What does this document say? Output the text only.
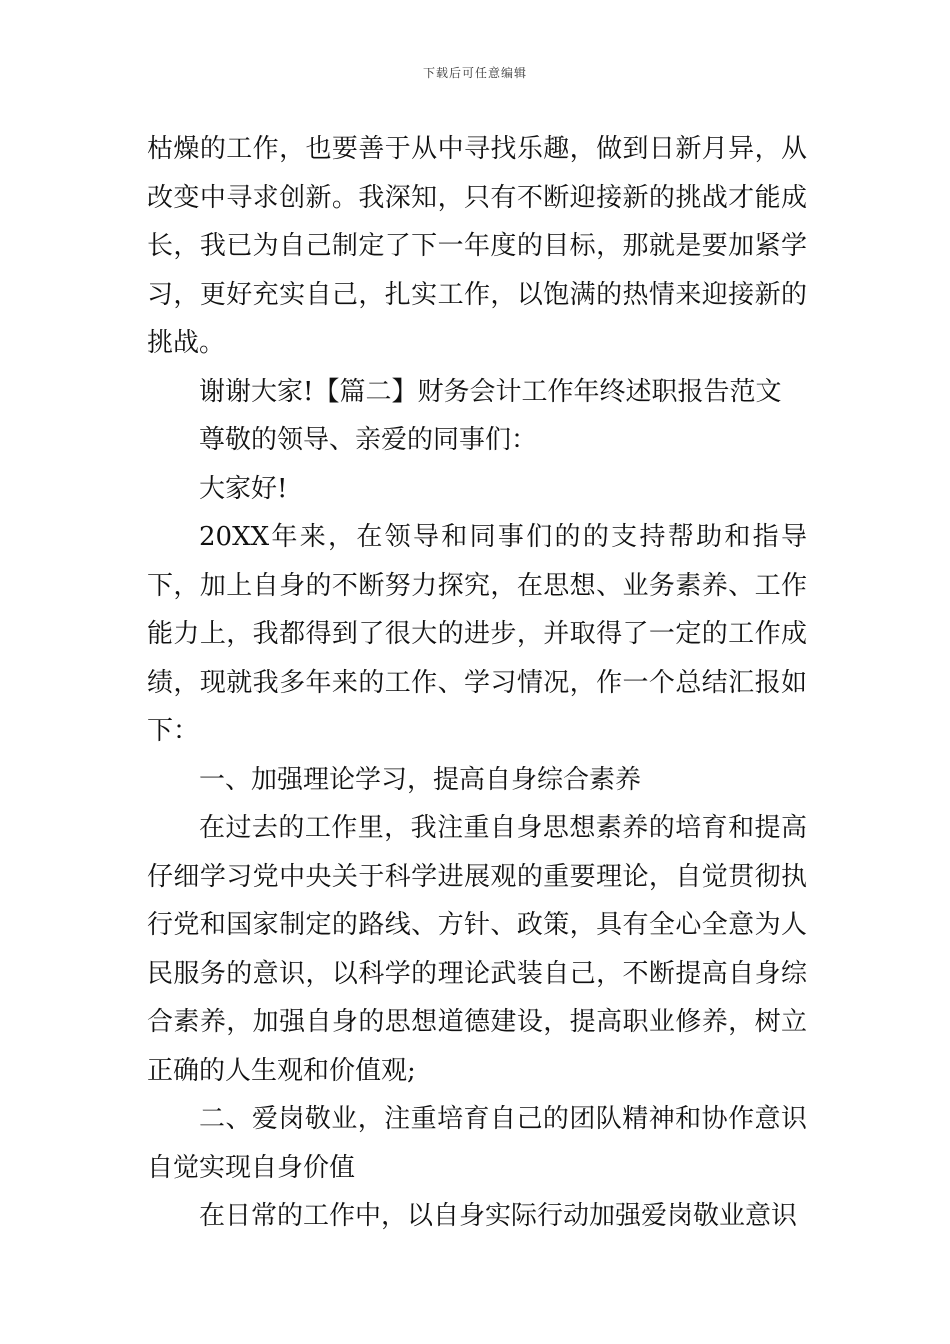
下载后可任意编辑

枯燥的工作，也要善于从中寻找乐趣，做到日新月异，从改变中寻求创新。我深知，只有不断迎接新的挑战才能成长，我已为自己制定了下一年度的目标，那就是要加紧学习，更好充实自己，扎实工作，以饱满的热情来迎接新的挑战。

谢谢大家!【篇二】财务会计工作年终述职报告范文

尊敬的领导、亲爱的同事们：

大家好!

20XX年来，在领导和同事们的的支持帮助和指导下，加上自身的不断努力探究，在思想、业务素养、工作能力上，我都得到了很大的进步，并取得了一定的工作成绩，现就我多年来的工作、学习情况，作一个总结汇报如下：

一、加强理论学习，提高自身综合素养

在过去的工作里，我注重自身思想素养的培育和提高仔细学习党中央关于科学进展观的重要理论，自觉贯彻执行党和国家制定的路线、方针、政策，具有全心全意为人民服务的意识，以科学的理论武装自己，不断提高自身综合素养，加强自身的思想道德建设，提高职业修养，树立正确的人生观和价值观;

二、爱岗敬业，注重培育自己的团队精神和协作意识自觉实现自身价值

在日常的工作中，以自身实际行动加强爱岗敬业意识
